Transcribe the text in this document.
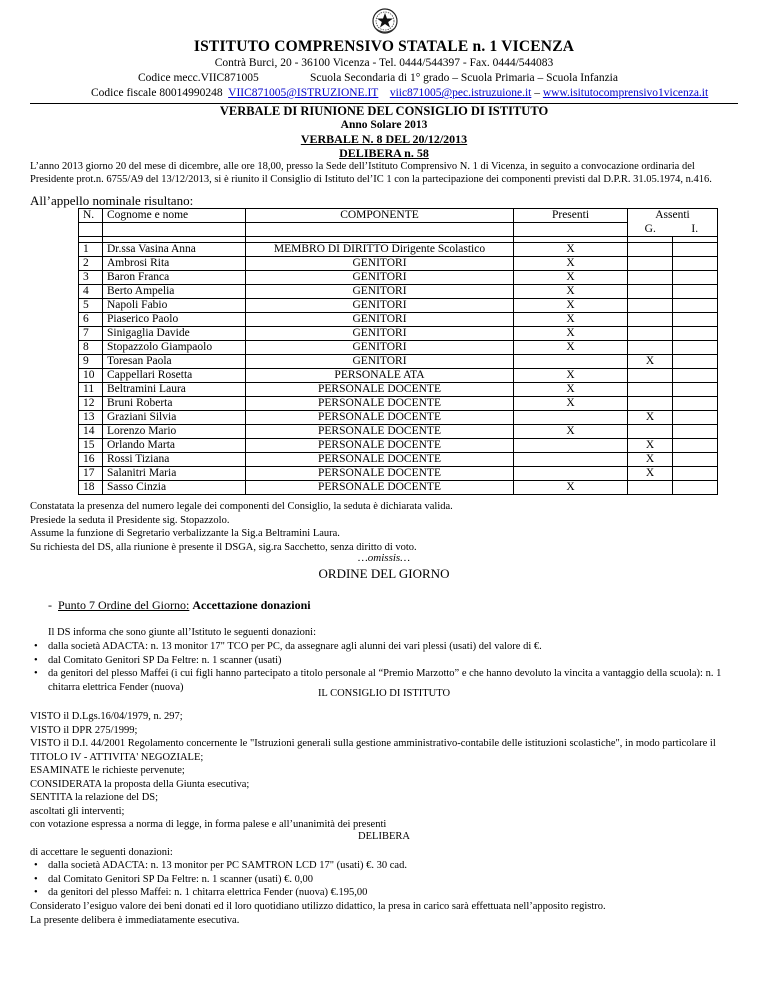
ISTITUTO COMPRENSIVO STATALE n. 1 VICENZA
Contrà Burci, 20 - 36100 Vicenza - Tel. 0444/544397 - Fax. 0444/544083
Codice mecc.VIIC871005	Scuola Secondaria di 1° grado – Scuola Primaria – Scuola Infanzia
Codice fiscale 80014990248 VIIC871005@ISTRUZIONE.IT viic871005@pec.istruzuione.it – www.isitutocomprensivo1vicenza.it
VERBALE DI RIUNIONE DEL CONSIGLIO DI ISTITUTO
Anno Solare 2013
VERBALE N. 8 DEL 20/12/2013
DELIBERA n. 58
L’anno 2013 giorno 20 del mese di dicembre, alle ore 18,00, presso la Sede dell’Istituto Comprensivo N. 1 di Vicenza, in seguito a convocazione ordinaria del Presidente prot.n. 6755/A9 del 13/12/2013, si è riunito il Consiglio di Istituto del’IC 1 con la partecipazione dei componenti previsti dal D.P.R. 31.05.1974, n.416.
All’appello nominale risultano:
N.	Cognome e nome	COMPONENTE	Presenti	Assenti	
				G.	I.

1	Dr.ssa Vasina Anna	MEMBRO DI DIRITTO Dirigente Scolastico	X		
2	Ambrosi Rita	GENITORI	X		
3	Baron Franca	GENITORI	X		
4	Berto Ampelia	GENITORI	X		
5	Napoli Fabio	GENITORI	X		
6	Piaserico Paolo	GENITORI	X		
7	Sinigaglia Davide	GENITORI	X		
8	Stopazzolo Giampaolo	GENITORI	X		
9	Toresan Paola	GENITORI		X	
10	Cappellari Rosetta	PERSONALE ATA	X		
11	Beltramini Laura	PERSONALE DOCENTE	X		
12	Bruni Roberta	PERSONALE DOCENTE	X		
13	Graziani Silvia	PERSONALE DOCENTE		X	
14	Lorenzo Mario	PERSONALE DOCENTE	X		
15	Orlando Marta	PERSONALE DOCENTE		X	
16	Rossi Tiziana	PERSONALE DOCENTE		X	
17	Salanitri Maria	PERSONALE DOCENTE		X	
18	Sasso Cinzia	PERSONALE DOCENTE	X		
Constatata la presenza del numero legale dei componenti del Consiglio, la seduta è dichiarata valida.
Presiede la seduta il Presidente sig. Stopazzolo.
Assume la funzione di Segretario verbalizzante la Sig.a Beltramini Laura.
Su richiesta del DS, alla riunione è presente il DSGA, sig.ra Sacchetto, senza diritto di voto.
…omissis…
ORDINE DEL GIORNO
- Punto 7 Ordine del Giorno: Accettazione donazioni
Il DS informa che sono giunte all’Istituto le seguenti donazioni:
• dalla società ADACTA: n. 13 monitor 17" TCO per PC, da assegnare agli alunni dei vari plessi (usati) del valore di €.
• dal Comitato Genitori SP Da Feltre: n. 1 scanner (usati)
• da genitori del plesso Maffei (i cui figli hanno partecipato a titolo personale al “Premio Marzotto” e che hanno devoluto la vincita a vantaggio della scuola): n. 1 chitarra elettrica Fender (nuova)
IL CONSIGLIO DI ISTITUTO
VISTO il D.Lgs.16/04/1979, n. 297;
VISTO il DPR 275/1999;
VISTO il D.I. 44/2001 Regolamento concernente le "Istruzioni generali sulla gestione amministrativo-contabile delle istituzioni scolastiche", in modo particolare il TITOLO IV - ATTIVITA' NEGOZIALE;
ESAMINATE le richieste pervenute;
CONSIDERATA la proposta della Giunta esecutiva;
SENTITA la relazione del DS;
ascoltati gli interventi;
con votazione espressa a norma di legge, in forma palese e all’unanimità dei presenti
DELIBERA
di accettare le seguenti donazioni:
• dalla società ADACTA: n. 13 monitor per PC SAMTRON LCD 17" (usati) €. 30 cad.
• dal Comitato Genitori SP Da Feltre: n. 1 scanner (usati) €. 0,00
• da genitori del plesso Maffei: n. 1 chitarra elettrica Fender (nuova) €.195,00
Considerato l’esiguo valore dei beni donati ed il loro quotidiano utilizzo didattico, la presa in carico sarà effettuata nell’apposito registro.
La presente delibera è immediatamente esecutiva.
